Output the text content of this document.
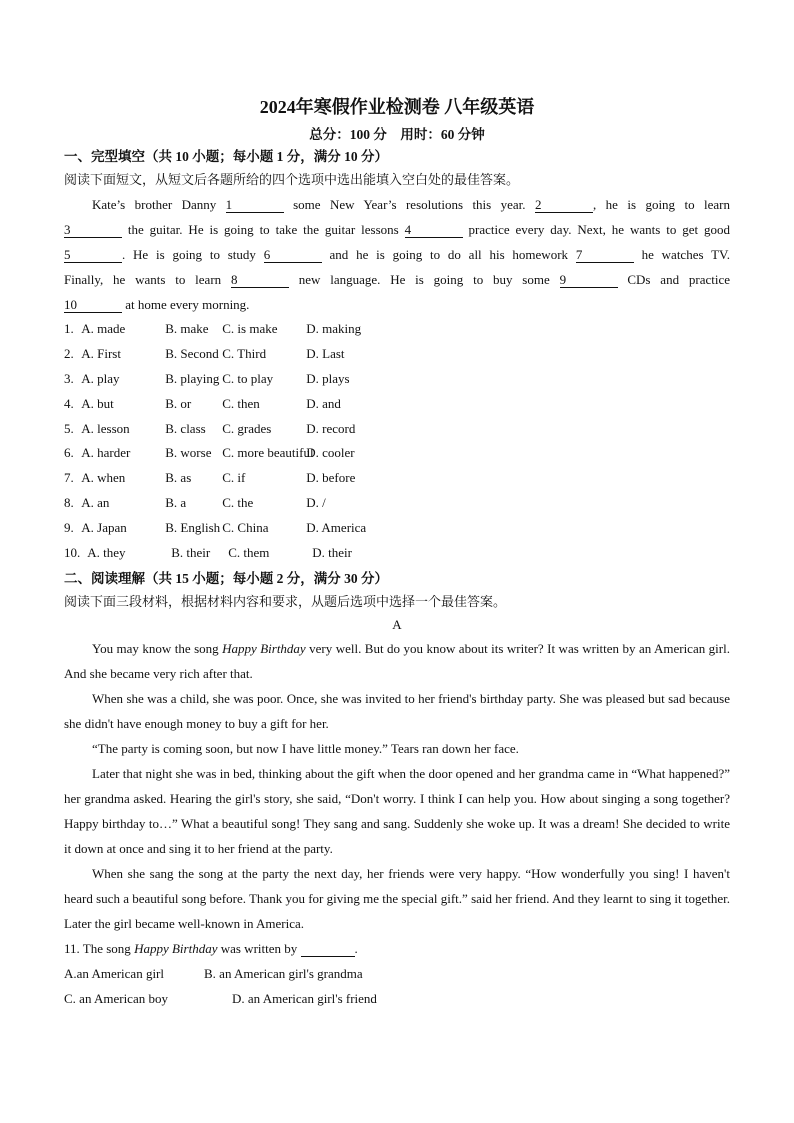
2024年寒假作业检测卷 八年级英语
总分：100 分　用时：60 分钟
一、完型填空（共 10 小题；每小题 1 分，满分 10 分）
阅读下面短文，从短文后各题所给的四个选项中选出能填入空白处的最佳答案。
Kate’s brother Danny 1	some New Year’s resolutions this year. 2	, he is going to learn
3	the guitar. He is going to take the guitar lessons 4	practice every day. Next, he wants to get good
5	. He is going to study 6	and he is going to do all his homework 7	he watches TV.
Finally, he wants to learn 8	new language. He is going to buy some 9	CDs and practice
10	at home every morning.
1. A. made	B. make C. is make D. making
2. A. First	B. Second C. Third	D. Last
3. A. play	B. playing C. to play	D. plays
4. A. but	B. or C. then	D. and
5. A. lesson	B. class C. grades	D. record
6. A. harder	B. worse C. more beautifulD. cooler
7. A. when	B. as C. if	D. before
8. A. an	B. a	C. the	D. /
9. A. Japan	B. English C. China	D. America
10. A. they	B. their C. them	D. their
二、阅读理解（共 15 小题；每小题 2 分，满分 30 分）
阅读下面三段材料，根据材料内容和要求，从题后选项中选择一个最佳答案。
A
You may know the song Happy Birthday very well. But do you know about its writer? It was written by an American girl. And she became very rich after that.
When she was a child, she was poor. Once, she was invited to her friend's birthday party. She was pleased but sad because she didn't have enough money to buy a gift for her.
“The party is coming soon, but now I have little money.” Tears ran down her face.
Later that night she was in bed, thinking about the gift when the door opened and her grandma came in “What happened?” her grandma asked. Hearing the girl's story, she said, “Don't worry. I think I can help you. How about singing a song together? Happy birthday to…” What a beautiful song! They sang and sang. Suddenly she woke up. It was a dream! She decided to write it down at once and sing it to her friend at the party.
When she sang the song at the party the next day, her friends were very happy. “How wonderfully you sing! I haven't heard such a beautiful song before. Thank you for giving me the special gift.” said her friend. And they learnt to sing it together. Later the girl became well-known in America.
11. The song Happy Birthday was written by	.
A.an American girl	B. an American girl's grandma
C. an American boy	D. an American girl's friend
